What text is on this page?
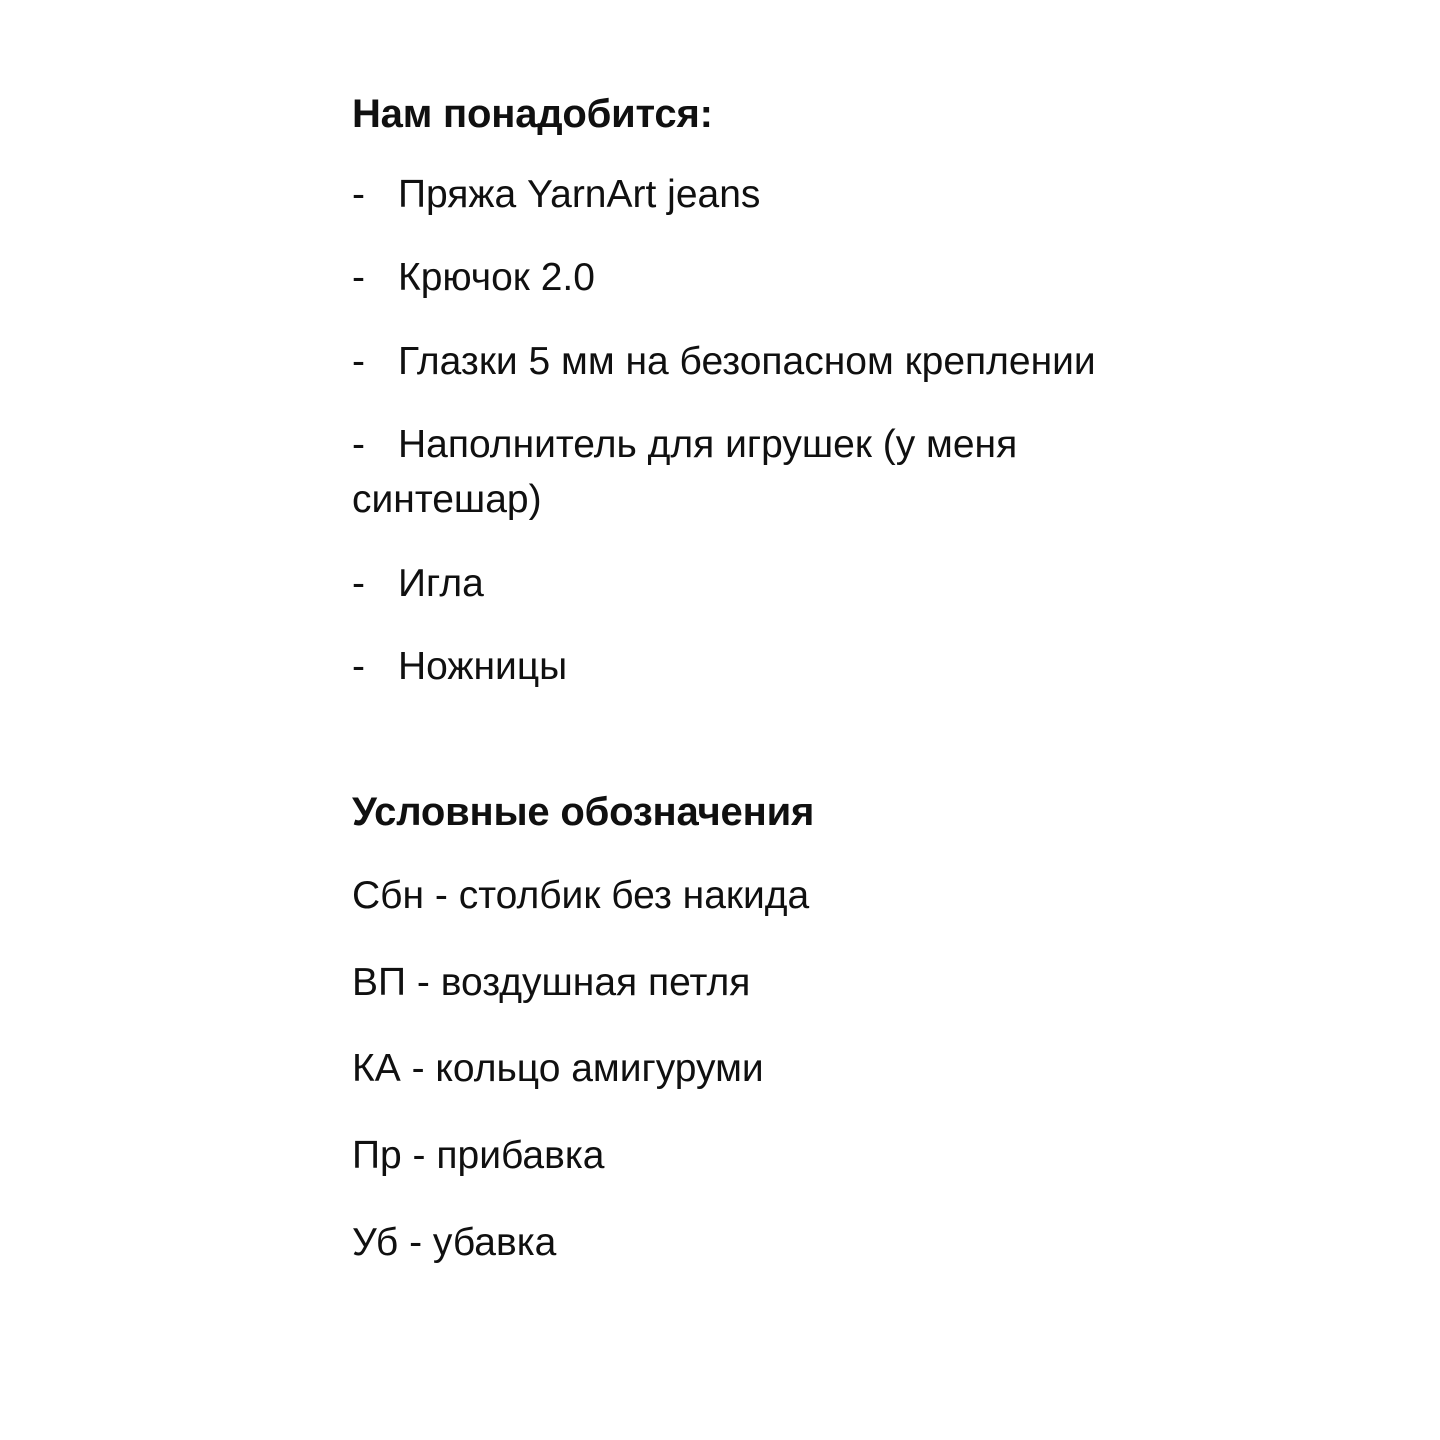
Нам понадобится:
- Пряжа YarnArt jeans
- Крючок 2.0
- Глазки 5 мм на безопасном креплении
- Наполнитель для игрушек (у меня синтешар)
- Игла
- Ножницы
Условные обозначения
Сбн - столбик без накида
ВП - воздушная петля
КА - кольцо амигуруми
Пр - прибавка
Уб - убавка
